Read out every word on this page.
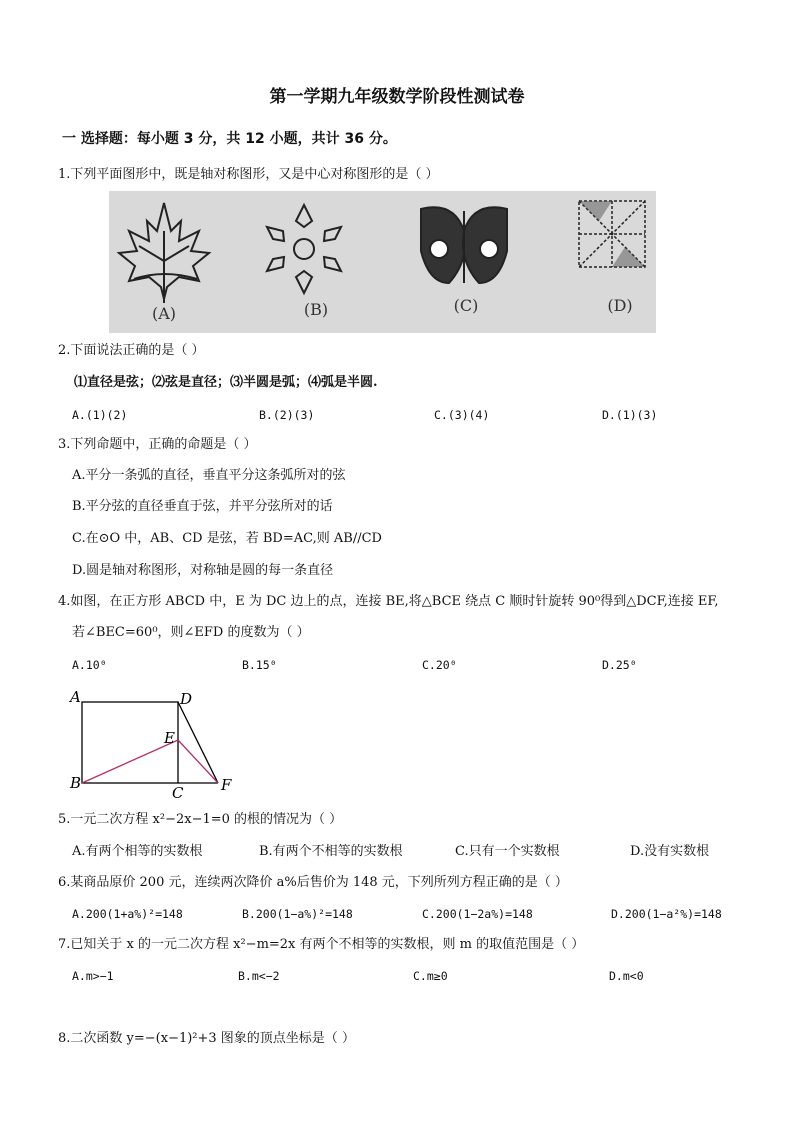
第一学期九年级数学阶段性测试卷
一 选择题：每小题 3 分，共 12 小题，共计 36 分。
1.下列平面图形中，既是轴对称图形，又是中心对称图形的是（ ）
(A)	(B)	(C)	(D)
2.下面说法正确的是（ ）
⑴直径是弦；⑵弦是直径；⑶半圆是弧；⑷弧是半圆.
A.(1)(2)	B.(2)(3)	C.(3)(4)	D.(1)(3)
3.下列命题中，正确的命题是（ ）
A.平分一条弧的直径，垂直平分这条弧所对的弦
B.平分弦的直径垂直于弦，并平分弦所对的话
C.在⊙O 中，AB、CD 是弦，若 BD=AC,则 AB//CD
D.圆是轴对称图形，对称轴是圆的每一条直径
4.如图，在正方形 ABCD 中，E 为 DC 边上的点，连接 BE,将△BCE 绕点 C 顺时针旋转 90⁰得到△DCF,连接 EF,
若∠BEC=60⁰，则∠EFD 的度数为（ ）
A.10⁰	B.15⁰	C.20⁰	D.25⁰
A	D
E
B
C	F
5.一元二次方程 x²−2x−1=0 的根的情况为（ ）
A.有两个相等的实数根	B.有两个不相等的实数根	C.只有一个实数根	D.没有实数根
6.某商品原价 200 元，连续两次降价 a%后售价为 148 元，下列所列方程正确的是（ ）
A.200(1+a%)²=148	B.200(1−a%)²=148	C.200(1−2a%)=148	D.200(1−a²%)=148
7.已知关于 x 的一元二次方程 x²−m=2x 有两个不相等的实数根，则 m 的取值范围是（ ）
A.m>−1	B.m<−2	C.m≥0	D.m<0
8.二次函数 y=−(x−1)²+3 图象的顶点坐标是（ ）
